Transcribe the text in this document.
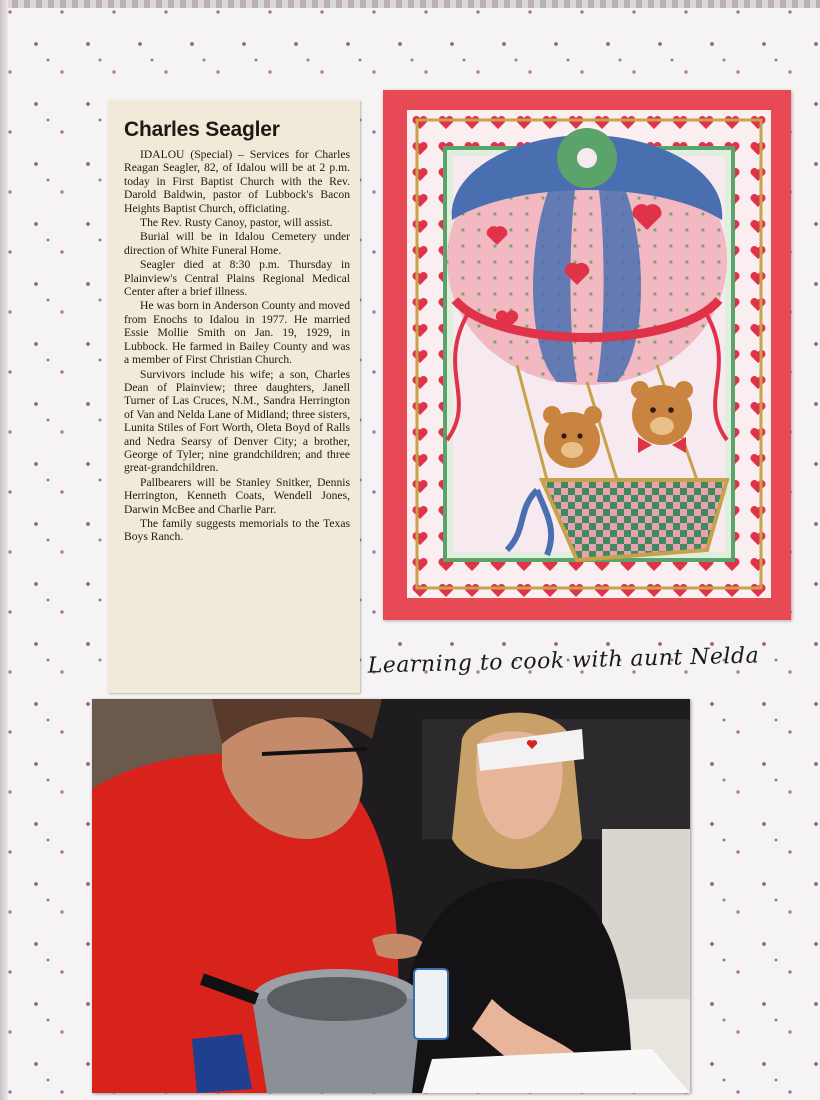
Charles Seagler

IDALOU (Special) – Services for Charles Reagan Seagler, 82, of Idalou will be at 2 p.m. today in First Baptist Church with the Rev. Darold Baldwin, pastor of Lubbock's Bacon Heights Baptist Church, officiating.

The Rev. Rusty Canoy, pastor, will assist.

Burial will be in Idalou Cemetery under direction of White Funeral Home.

Seagler died at 8:30 p.m. Thursday in Plainview's Central Plains Regional Medical Center after a brief illness.

He was born in Anderson County and moved from Enochs to Idalou in 1977. He married Essie Mollie Smith on Jan. 19, 1929, in Lubbock. He farmed in Bailey County and was a member of First Christian Church.

Survivors include his wife; a son, Charles Dean of Plainview; three daughters, Janell Turner of Las Cruces, N.M., Sandra Herrington of Van and Nelda Lane of Midland; three sisters, Lunita Stiles of Fort Worth, Oleta Boyd of Ralls and Nedra Searsy of Denver City; a brother, George of Tyler; nine grandchildren; and three great-grandchildren.

Pallbearers will be Stanley Snitker, Dennis Herrington, Kenneth Coats, Wendell Jones, Darwin McBee and Charlie Parr.

The family suggests memorials to the Texas Boys Ranch.

Learning to cook with aunt Nelda
